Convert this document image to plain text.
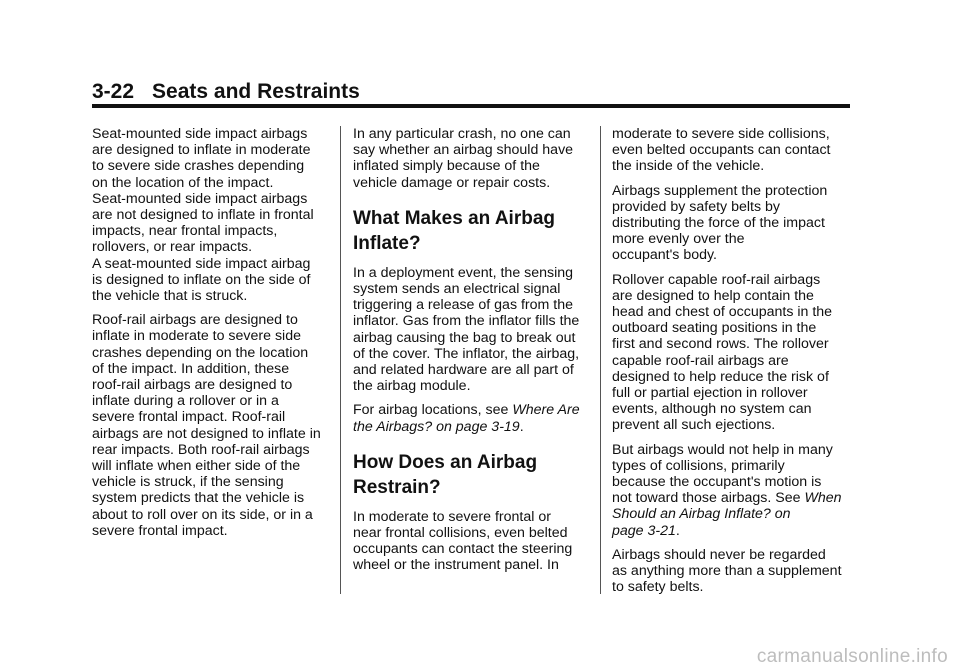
3-22 Seats and Restraints

Seat-mounted side impact airbags
are designed to inflate in moderate
to severe side crashes depending
on the location of the impact.
Seat-mounted side impact airbags
are not designed to inflate in frontal
impacts, near frontal impacts,
rollovers, or rear impacts.
A seat-mounted side impact airbag
is designed to inflate on the side of
the vehicle that is struck.

Roof-rail airbags are designed to
inflate in moderate to severe side
crashes depending on the location
of the impact. In addition, these
roof-rail airbags are designed to
inflate during a rollover or in a
severe frontal impact. Roof-rail
airbags are not designed to inflate in
rear impacts. Both roof-rail airbags
will inflate when either side of the
vehicle is struck, if the sensing
system predicts that the vehicle is
about to roll over on its side, or in a
severe frontal impact.

In any particular crash, no one can
say whether an airbag should have
inflated simply because of the
vehicle damage or repair costs.

What Makes an Airbag
Inflate?

In a deployment event, the sensing
system sends an electrical signal
triggering a release of gas from the
inflator. Gas from the inflator fills the
airbag causing the bag to break out
of the cover. The inflator, the airbag,
and related hardware are all part of
the airbag module.

For airbag locations, see Where Are
the Airbags? on page 3-19.

How Does an Airbag
Restrain?

In moderate to severe frontal or
near frontal collisions, even belted
occupants can contact the steering
wheel or the instrument panel. In

moderate to severe side collisions,
even belted occupants can contact
the inside of the vehicle.

Airbags supplement the protection
provided by safety belts by
distributing the force of the impact
more evenly over the
occupant's body.

Rollover capable roof-rail airbags
are designed to help contain the
head and chest of occupants in the
outboard seating positions in the
first and second rows. The rollover
capable roof-rail airbags are
designed to help reduce the risk of
full or partial ejection in rollover
events, although no system can
prevent all such ejections.

But airbags would not help in many
types of collisions, primarily
because the occupant's motion is
not toward those airbags. See When
Should an Airbag Inflate? on
page 3-21.

Airbags should never be regarded
as anything more than a supplement
to safety belts.

carmanualsonline.info
